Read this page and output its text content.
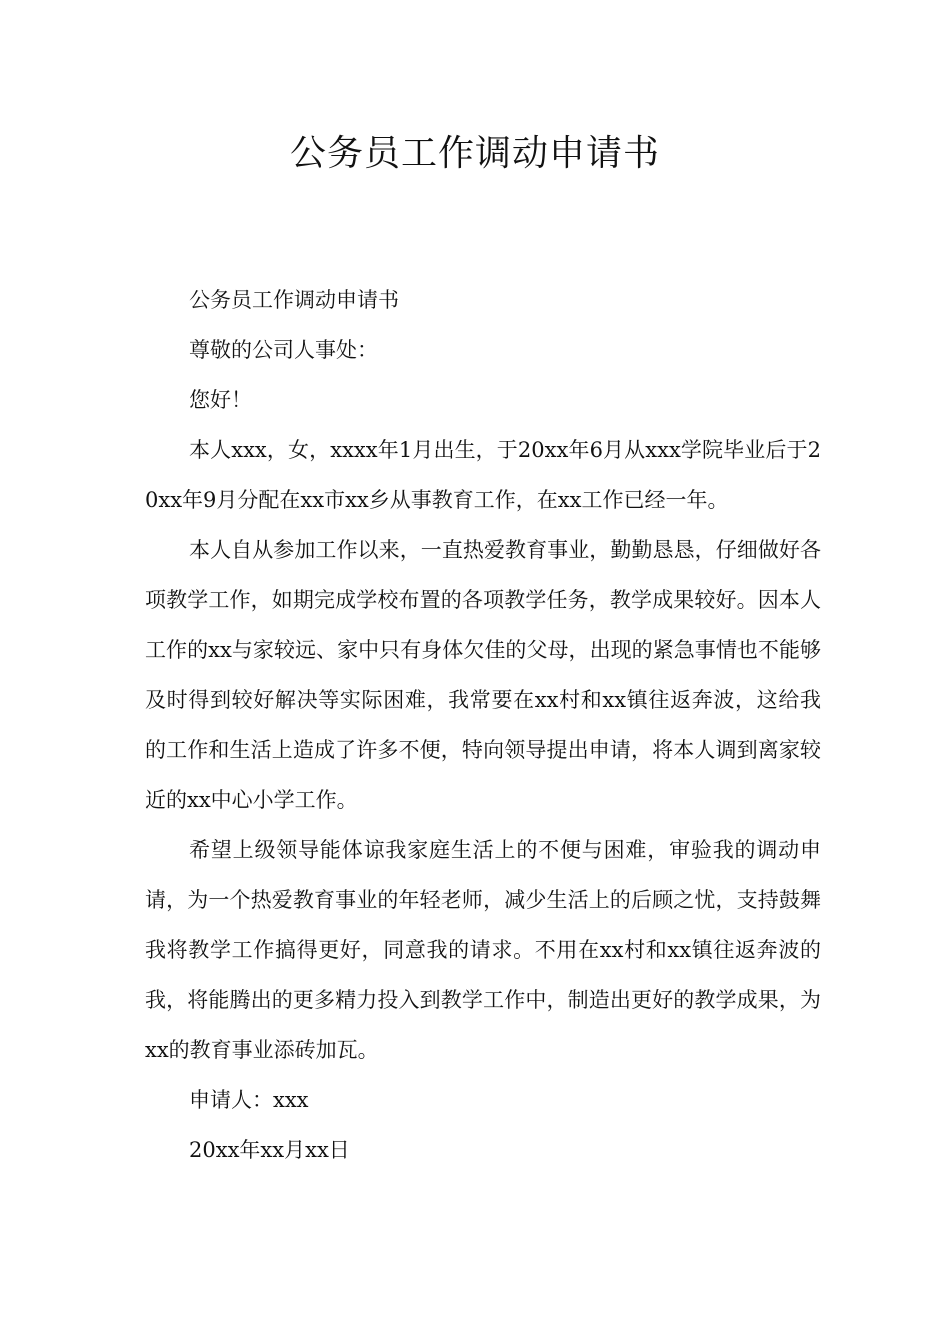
公务员工作调动申请书

公务员工作调动申请书

尊敬的公司人事处：

您好！

本人xxx，女，xxxx年1月出生，于20xx年6月从xxx学院毕业后于20xx年9月分配在xx市xx乡从事教育工作，在xx工作已经一年。

本人自从参加工作以来，一直热爱教育事业，勤勤恳恳，仔细做好各项教学工作，如期完成学校布置的各项教学任务，教学成果较好。因本人工作的xx与家较远、家中只有身体欠佳的父母，出现的紧急事情也不能够及时得到较好解决等实际困难，我常要在xx村和xx镇往返奔波，这给我的工作和生活上造成了许多不便，特向领导提出申请，将本人调到离家较近的xx中心小学工作。

希望上级领导能体谅我家庭生活上的不便与困难，审验我的调动申请，为一个热爱教育事业的年轻老师，减少生活上的后顾之忧，支持鼓舞我将教学工作搞得更好，同意我的请求。不用在xx村和xx镇往返奔波的我，将能腾出的更多精力投入到教学工作中，制造出更好的教学成果，为xx的教育事业添砖加瓦。

申请人：xxx

20xx年xx月xx日
